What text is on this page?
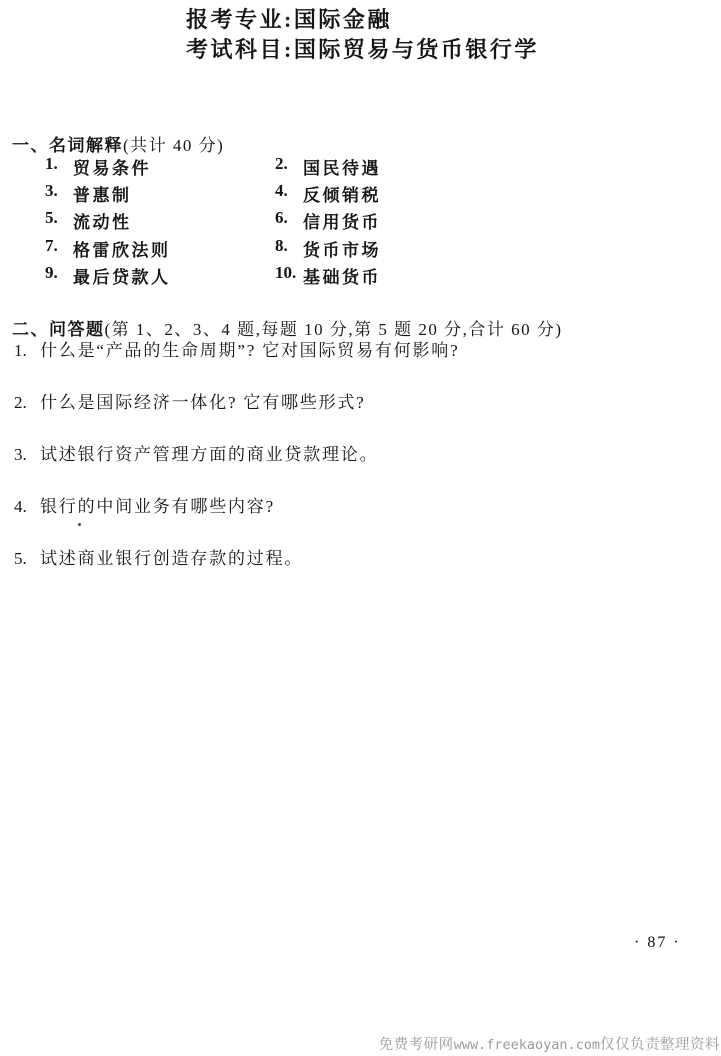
报考专业:国际金融
考试科目:国际贸易与货币银行学
一、名词解释(共计 40 分)
1. 贸易条件	2. 国民待遇
3. 普惠制	4. 反倾销税
5. 流动性	6. 信用货币
7. 格雷欣法则	8. 货币市场
9. 最后贷款人	10. 基础货币
二、问答题(第 1、2、3、4 题,每题 10 分,第 5 题 20 分,合计 60 分)
1. 什么是“产品的生命周期”? 它对国际贸易有何影响?
2. 什么是国际经济一体化? 它有哪些形式?
3. 试述银行资产管理方面的商业贷款理论。
4. 银行的中间业务有哪些内容?
5. 试述商业银行创造存款的过程。
· 87 ·
免费考研网www.freekaoyan.com仅仅负责整理资料
